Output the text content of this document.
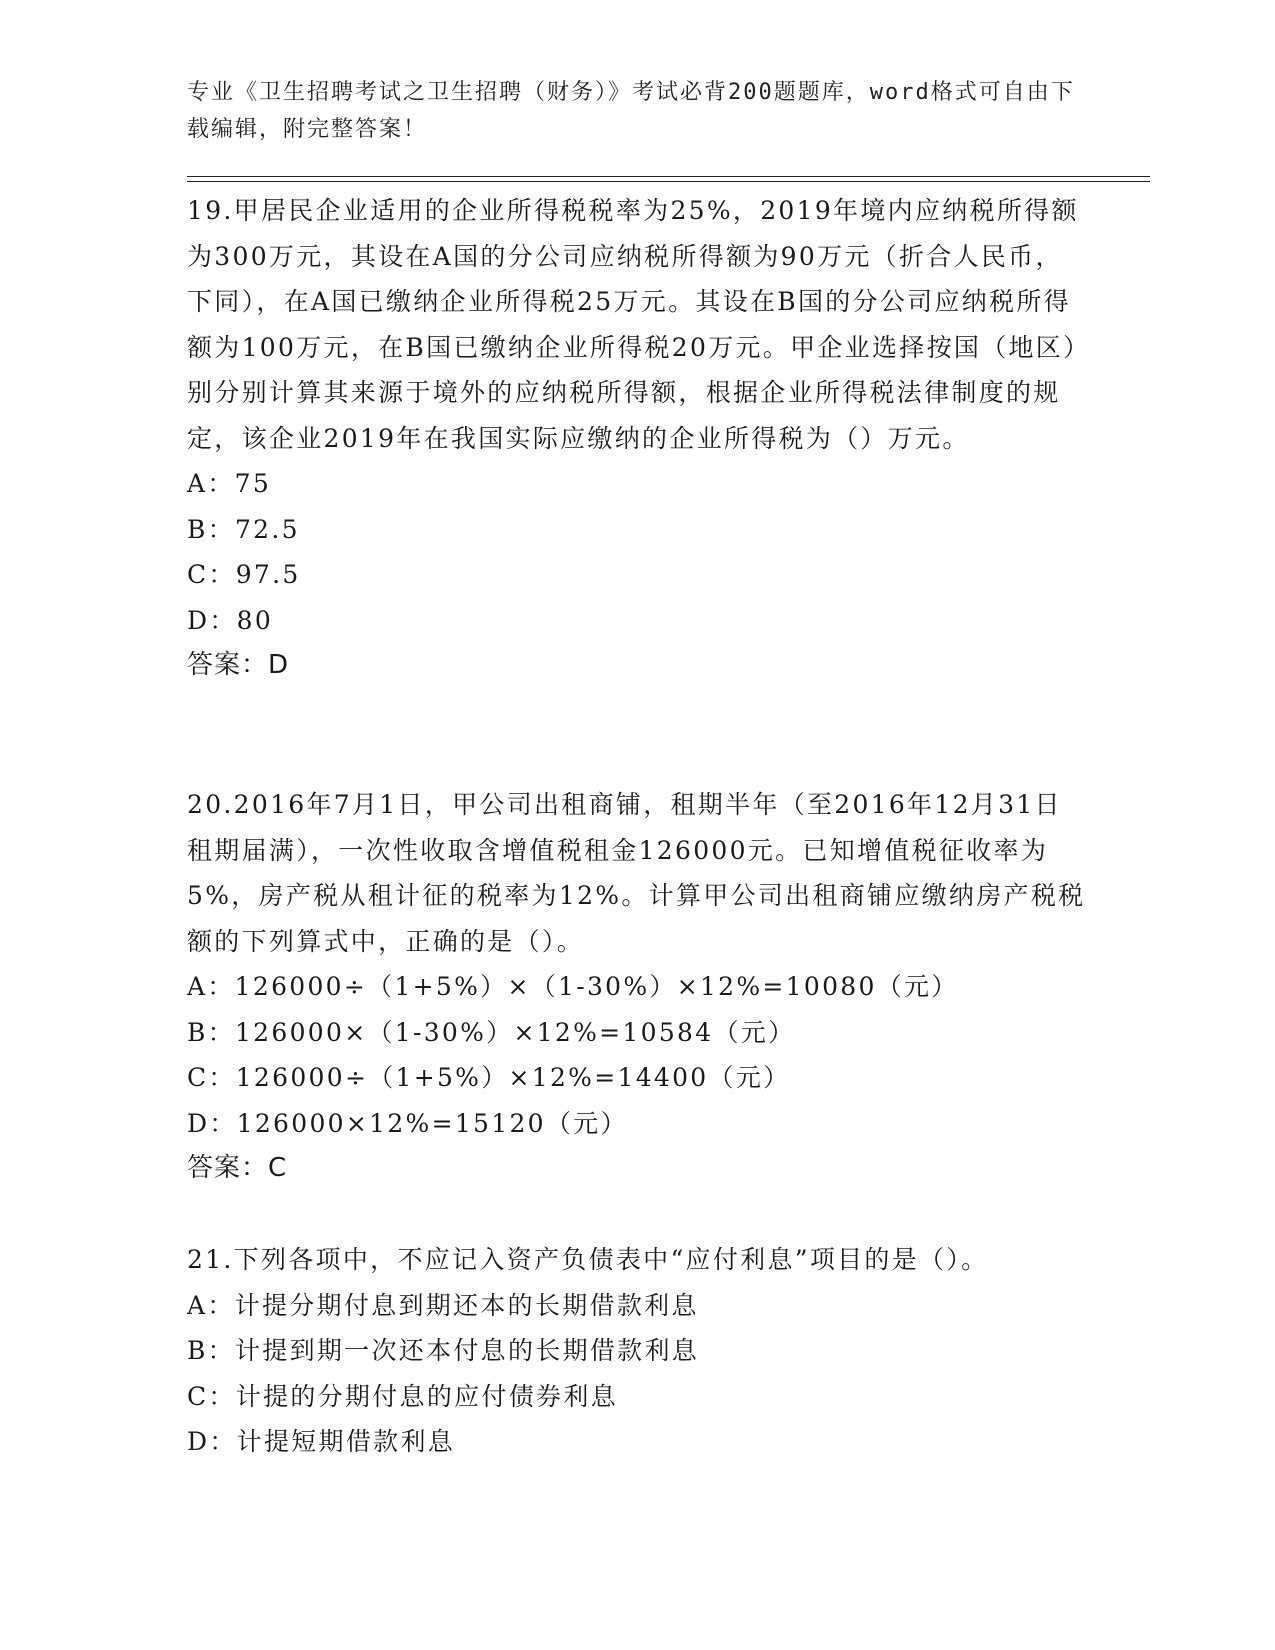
专业《卫生招聘考试之卫生招聘（财务）》考试必背200题题库，word格式可自由下载编辑，附完整答案！

19.甲居民企业适用的企业所得税税率为25%，2019年境内应纳税所得额为300万元，其设在A国的分公司应纳税所得额为90万元（折合人民币，下同），在A国已缴纳企业所得税25万元。其设在B国的分公司应纳税所得额为100万元，在B国已缴纳企业所得税20万元。甲企业选择按国（地区）别分别计算其来源于境外的应纳税所得额，根据企业所得税法律制度的规定，该企业2019年在我国实际应缴纳的企业所得税为（）万元。

A：75

B：72.5

C：97.5

D：80

答案：D

20.2016年7月1日，甲公司出租商铺，租期半年（至2016年12月31日租期届满），一次性收取含增值税租金126000元。已知增值税征收率为5%，房产税从租计征的税率为12%。计算甲公司出租商铺应缴纳房产税税额的下列算式中，正确的是（）。

A：126000÷（1+5%）×（1-30%）×12%=10080（元）

B：126000×（1-30%）×12%=10584（元）

C：126000÷（1+5%）×12%=14400（元）

D：126000×12%=15120（元）

答案：C

21.下列各项中，不应记入资产负债表中“应付利息”项目的是（）。

A：计提分期付息到期还本的长期借款利息

B：计提到期一次还本付息的长期借款利息

C：计提的分期付息的应付债券利息

D：计提短期借款利息
